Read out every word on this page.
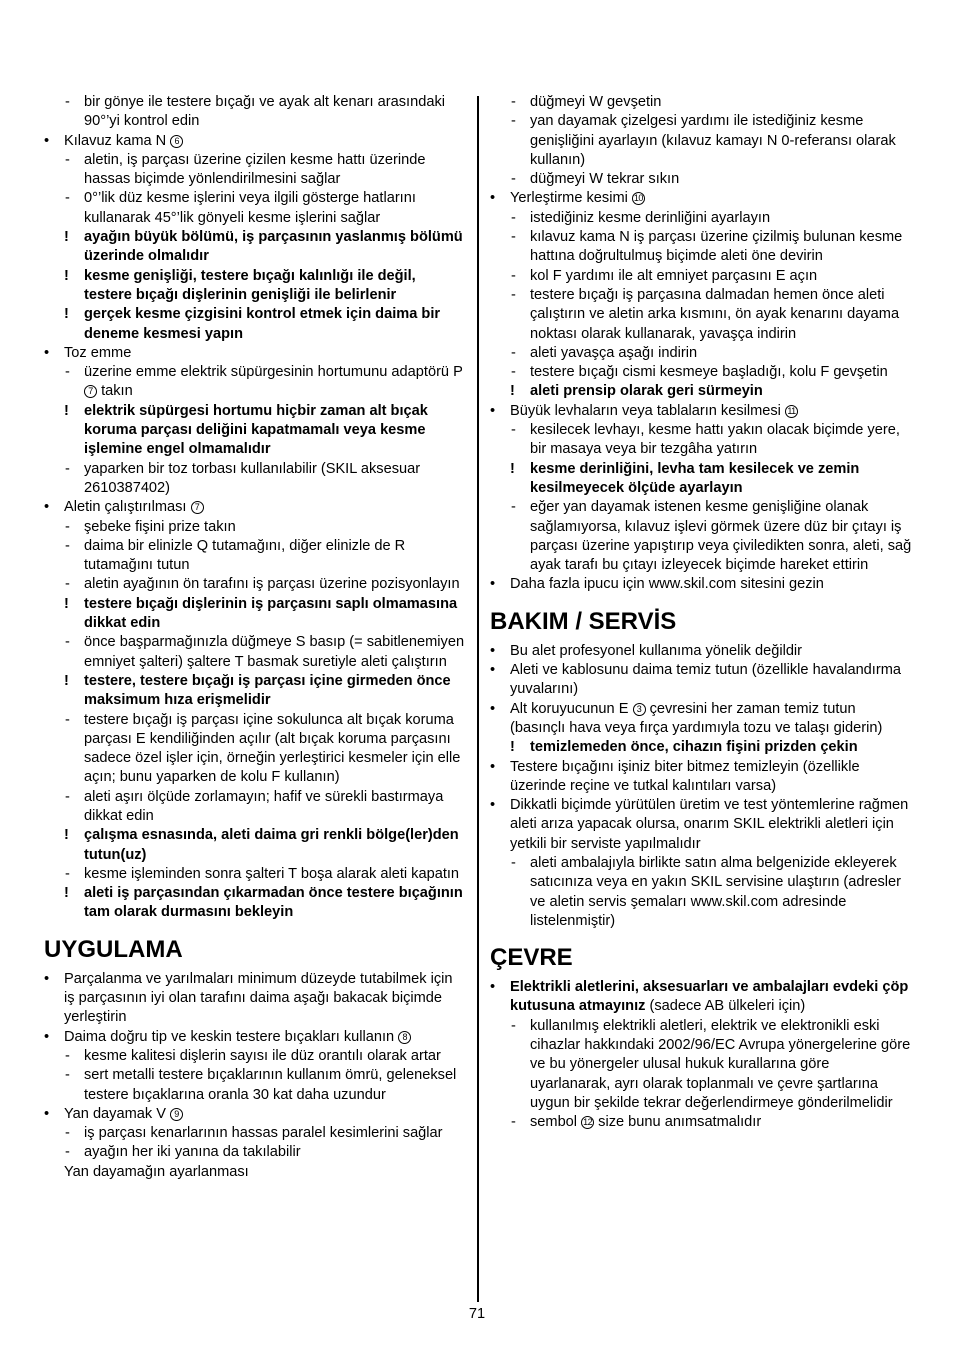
- bir gönye ile testere bıçağı ve ayak alt kenarı arasındaki 90°’yi kontrol edin
• Kılavuz kama N 6
- aletin, iş parçası üzerine çizilen kesme hattı üzerinde hassas biçimde yönlendirilmesini sağlar
- 0°’lik düz kesme işlerini veya ilgili gösterge hatlarını kullanarak 45°’lik gönyeli kesme işlerini sağlar
! ayağın büyük bölümü, iş parçasının yaslanmış bölümü üzerinde olmalıdır
! kesme genişliği, testere bıçağı kalınlığı ile değil, testere bıçağı dişlerinin genişliği ile belirlenir
! gerçek kesme çizgisini kontrol etmek için daima bir deneme kesmesi yapın
• Toz emme
- üzerine emme elektrik süpürgesinin hortumunu adaptörü P 7 takın
! elektrik süpürgesi hortumu hiçbir zaman alt bıçak koruma parçası deliğini kapatmamalı veya kesme işlemine engel olmamalıdır
- yaparken bir toz torbası kullanılabilir (SKIL aksesuar 2610387402)
• Aletin çalıştırılması 7
- şebeke fişini prize takın
- daima bir elinizle Q tutamağını, diğer elinizle de R tutamağını tutun
- aletin ayağının ön tarafını iş parçası üzerine pozisyonlayın
! testere bıçağı dişlerinin iş parçasını saplı olmamasına dikkat edin
- önce başparmağınızla düğmeye S basıp (= sabitlenemiyen emniyet şalteri) şaltere T basmak suretiyle aleti çalıştırın
! testere, testere bıçağı iş parçası içine girmeden önce maksimum hıza erişmelidir
- testere bıçağı iş parçası içine sokulunca alt bıçak koruma parçası E kendiliğinden açılır (alt bıçak koruma parçasını sadece özel işler için, örneğin yerleştirici kesmeler için elle açın; bunu yaparken de kolu F kullanın)
- aleti aşırı ölçüde zorlamayın; hafif ve sürekli bastırmaya dikkat edin
! çalışma esnasında, aleti daima gri renkli bölge(ler)den tutun(uz)
- kesme işleminden sonra şalteri T boşa alarak aleti kapatın
! aleti iş parçasından çıkarmadan önce testere bıçağının tam olarak durmasını bekleyin
UYGULAMA
• Parçalanma ve yarılmaları minimum düzeyde tutabilmek için iş parçasının iyi olan tarafını daima aşağı bakacak biçimde yerleştirin
• Daima doğru tip ve keskin testere bıçakları kullanın 8
- kesme kalitesi dişlerin sayısı ile düz orantılı olarak artar
- sert metalli testere bıçaklarının kullanım ömrü, geleneksel testere bıçaklarına oranla 30 kat daha uzundur
• Yan dayamak V 9
- iş parçası kenarlarının hassas paralel kesimlerini sağlar
- ayağın her iki yanına da takılabilir
Yan dayamağın ayarlanması
- düğmeyi W gevşetin
- yan dayamak çizelgesi yardımı ile istediğiniz kesme genişliğini ayarlayın (kılavuz kamayı N 0-referansı olarak kullanın)
- düğmeyi W tekrar sıkın
• Yerleştirme kesimi 10
- istediğiniz kesme derinliğini ayarlayın
- kılavuz kama N iş parçası üzerine çizilmiş bulunan kesme hattına doğrultulmuş biçimde aleti öne devirin
- kol F yardımı ile alt emniyet parçasını E açın
- testere bıçağı iş parçasına dalmadan hemen önce aleti çalıştırın ve aletin arka kısmını, ön ayak kenarını dayama noktası olarak kullanarak, yavaşça indirin
- aleti yavaşça aşağı indirin
- testere bıçağı cismi kesmeye başladığı, kolu F gevşetin
! aleti prensip olarak geri sürmeyin
• Büyük levhaların veya tablaların kesilmesi 11
- kesilecek levhayı, kesme hattı yakın olacak biçimde yere, bir masaya veya bir tezgâha yatırın
! kesme derinliğini, levha tam kesilecek ve zemin kesilmeyecek ölçüde ayarlayın
- eğer yan dayamak istenen kesme genişliğine olanak sağlamıyorsa, kılavuz işlevi görmek üzere düz bir çıtayı iş parçası üzerine yapıştırıp veya çiviledikten sonra, aleti, sağ ayak tarafı bu çıtayı izleyecek biçimde hareket ettirin
• Daha fazla ipucu için www.skil.com sitesini gezin
BAKIM / SERVİS
• Bu alet profesyonel kullanıma yönelik değildir
• Aleti ve kablosunu daima temiz tutun (özellikle havalandırma yuvalarını)
• Alt koruyucunun E 3 çevresini her zaman temiz tutun (basınçlı hava veya fırça yardımıyla tozu ve talaşı giderin)
! temizlemeden önce, cihazın fişini prizden çekin
• Testere bıçağını işiniz biter bitmez temizleyin (özellikle üzerinde reçine ve tutkal kalıntıları varsa)
• Dikkatli biçimde yürütülen üretim ve test yöntemlerine rağmen aleti arıza yapacak olursa, onarım SKIL elektrikli aletleri için yetkili bir serviste yapılmalıdır
- aleti ambalajıyla birlikte satın alma belgenizide ekleyerek satıcınıza veya en yakın SKIL servisine ulaştırın (adresler ve aletin servis şemaları www.skil.com adresinde listelenmiştir)
ÇEVRE
• Elektrikli aletlerini, aksesuarları ve ambalajları evdeki çöp kutusuna atmayınız (sadece AB ülkeleri için)
- kullanılmış elektrikli aletleri, elektrik ve elektronikli eski cihazlar hakkındaki 2002/96/EC Avrupa yönergelerine göre ve bu yönergeler ulusal hukuk kurallarına göre uyarlanarak, ayrı olarak toplanmalı ve çevre şartlarına uygun bir şekilde tekrar değerlendirmeye gönderilmelidir
- sembol 12 size bunu anımsatmalıdır
71
